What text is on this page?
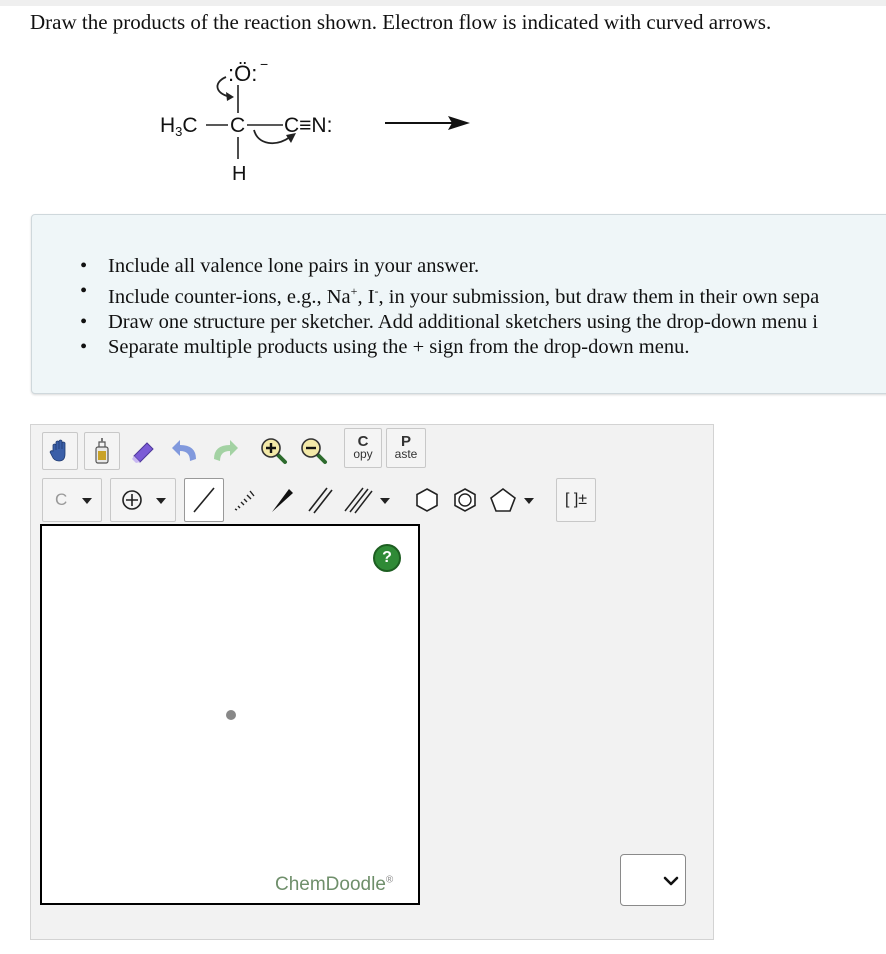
Draw the products of the reaction shown. Electron flow is indicated with curved arrows.
:Ö: −
H3C C C≡N:
H
• Include all valence lone pairs in your answer.
• Include counter-ions, e.g., Na+, I-, in your submission, but draw them in their own sepa
• Draw one structure per sketcher. Add additional sketchers using the drop-down menu i
• Separate multiple products using the + sign from the drop-down menu.
C
opy
P
aste
C	[ ]±
?
ChemDoodle®
